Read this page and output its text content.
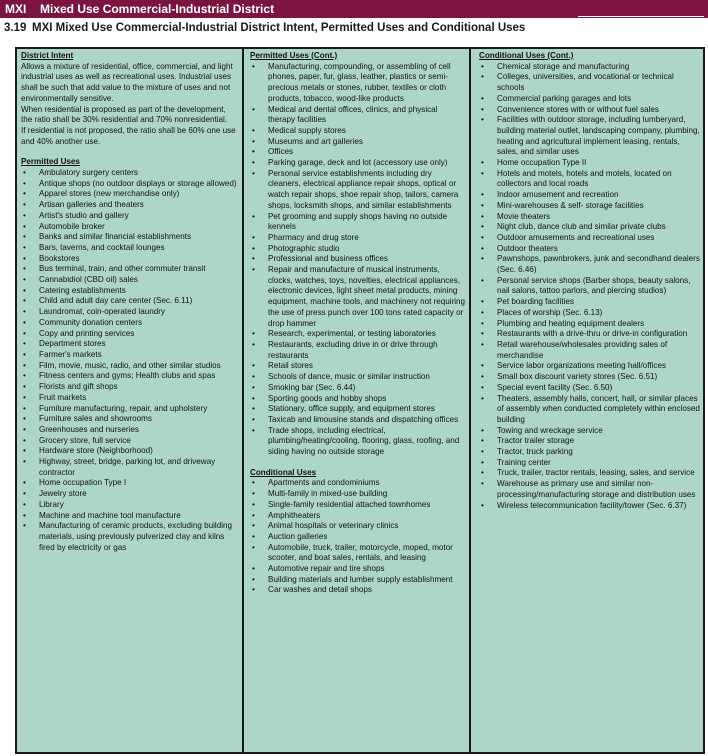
MXI Mixed Use Commercial-Industrial District
3.19 MXI Mixed Use Commercial-Industrial District Intent, Permitted Uses and Conditional Uses

District Intent

Allows a mixture of residential, office, commercial, and light industrial uses as well as recreational uses. Industrial uses shall be such that add value to the mixture of uses and not environmentally sensitive.

When residential is proposed as part of the development, the ratio shall be 30% residential and 70% nonresidential.

If residential is not proposed, the ratio shall be 60% one use and 40% another use.

Permitted Uses

• Ambulatory surgery centers
• Antique shops (no outdoor displays or storage allowed)
• Apparel stores (new merchandise only)
• Artisan galleries and theaters
• Artist's studio and gallery
• Automobile broker
• Banks and similar financial establishments
• Bars, taverns, and cocktail lounges
• Bookstores
• Bus terminal, train, and other commuter transit
• Cannabidiol (CBD oil) sales
• Catering establishments
• Child and adult day care center (Sec. 6.11)
• Laundromat, coin-operated laundry
• Community donation centers
• Copy and printing services
• Department stores
• Farmer's markets
• Film, movie, music, radio, and other similar studios
• Fitness centers and gyms; Health clubs and spas
• Florists and gift shops
• Fruit markets
• Furniture manufacturing, repair, and upholstery
• Furniture sales and showrooms
• Greenhouses and nurseries
• Grocery store, full service
• Hardware store (Neighborhood)
• Highway, street, bridge, parking lot, and driveway contractor
• Home occupation Type I
• Jewelry store
• Library
• Machine and machine tool manufacture
• Manufacturing of ceramic products, excluding building materials, using previously pulverized clay and kilns fired by electricity or gas

Permitted Uses (Cont.)

• Manufacturing, compounding, or assembling of cell phones, paper, fur, glass, leather, plastics or semi-precious metals or stones, rubber, textiles or cloth products, tobacco, wood-like products
• Medical and dental offices, clinics, and physical therapy facilities
• Medical supply stores
• Museums and art galleries
• Offices
• Parking garage, deck and lot (accessory use only)
• Personal service establishments including dry cleaners, electrical appliance repair shops, optical or watch repair shops, shoe repair shop, tailors, camera shops, locksmith shops, and similar establishments
• Pet grooming and supply shops having no outside kennels
• Pharmacy and drug store
• Photographic studio
• Professional and business offices
• Repair and manufacture of musical instruments, clocks, watches, toys, novelties, electrical appliances, electronic devices, light sheet metal products, mining equipment, machine tools, and machinery not requiring the use of press punch over 100 tons rated capacity or drop hammer
• Research, experimental, or testing laboratories
• Restaurants, excluding drive in or drive through restaurants
• Retail stores
• Schools of dance, music or similar instruction
• Smoking bar (Sec. 6.44)
• Sporting goods and hobby shops
• Stationary, office supply, and equipment stores
• Taxicab and limousine stands and dispatching offices
• Trade shops, including electrical, plumbing/heating/cooling, flooring, glass, roofing, and siding having no outside storage

Conditional Uses

• Apartments and condominiums
• Multi-family in mixed-use building
• Single-family residential attached townhomes
• Amphitheaters
• Animal hospitals or veterinary clinics
• Auction galleries
• Automobile, truck, trailer, motorcycle, moped, motor scooter, and boat sales, rentals, and leasing
• Automotive repair and tire shops
• Building materials and lumber supply establishment
• Car washes and detail shops

Conditional Uses (Cont.)

• Chemical storage and manufacturing
• Colleges, universities, and vocational or technical schools
• Commercial parking garages and lots
• Convenience stores with or without fuel sales
• Facilities with outdoor storage, including lumberyard, building material outlet, landscaping company, plumbing, heating and agricultural implement leasing, rentals, sales, and similar uses
• Home occupation Type II
• Hotels and motels, hotels and motels, located on collectors and local roads
• Indoor amusement and recreation
• Mini-warehouses & self- storage facilities
• Movie theaters
• Night club, dance club and similar private clubs
• Outdoor amusements and recreational uses
• Outdoor theaters
• Pawnshops, pawnbrokers, junk and secondhand dealers (Sec. 6.46)
• Personal service shops (Barber shops, beauty salons, nail salons, tattoo parlors, and piercing studios)
• Pet boarding facilities
• Places of worship (Sec. 6.13)
• Plumbing and heating equipment dealers
• Restaurants with a drive-thru or drive-in configuration
• Retail warehouse/wholesales providing sales of merchandise
• Service labor organizations meeting hall/offices
• Small box discount variety stores (Sec. 6.51)
• Special event facility (Sec. 6.50)
• Theaters, assembly halls, concert, hall, or similar places of assembly when conducted completely within enclosed building
• Towing and wreckage service
• Tractor trailer storage
• Tractor, truck parking
• Training center
• Truck, trailer, tractor rentals, leasing, sales, and service
• Warehouse as primary use and similar non-processing/manufacturing storage and distribution uses
• Wireless telecommunication facility/tower (Sec. 6.37)
